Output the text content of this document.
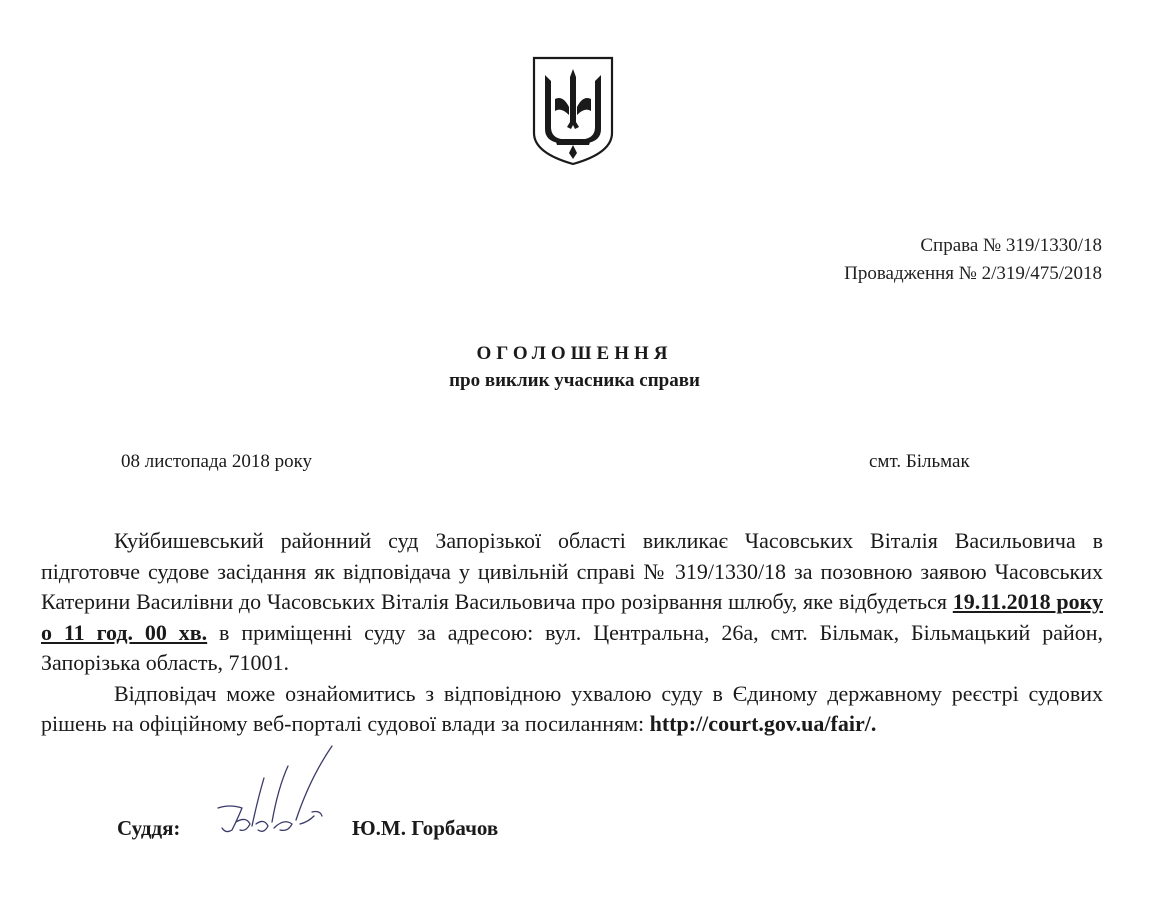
Справа № 319/1330/18
Провадження № 2/319/475/2018
ОГОЛОШЕННЯ
про виклик учасника справи
08 листопада 2018 року	смт. Більмак

Куйбишевський районний суд Запорізької області викликає Часовських Віталія Васильовича в підготовче судове засідання як відповідача у цивільній справі № 319/1330/18 за позовною заявою Часовських Катерини Василівни до Часовських Віталія Васильовича про розірвання шлюбу, яке відбудеться 19.11.2018 року о 11 год. 00 хв. в приміщенні суду за адресою: вул. Центральна, 26а, смт. Більмак, Більмацький район, Запорізька область, 71001.

Відповідач може ознайомитись з відповідною ухвалою суду в Єдиному державному реєстрі судових рішень на офіційному веб-порталі судової влади за посиланням: http://court.gov.ua/fair/.

Суддя:	Ю.М. Горбачов
